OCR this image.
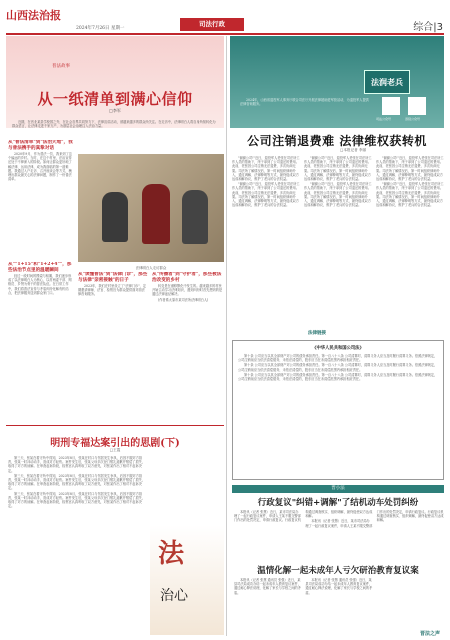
山西法治报
2024年7月26日 星期一
司法行政	综合|3
普法故事
从一纸清单到满心信仰
□李军

近期，在晋北某县学校园之外，在社会各界共同努力下，法律宣讲活动，被越来越多的群众所关注。在走访中，法律明白人将自身所知转化为群众语言，让法律走进千家万户，为基层社会治理注入法治力量。

从"普法清单"到"法治天地"，我与普法携手的真挚对话

2020年9月，作为普法一员，我来到了这个偏远的乡村。当时，在这个村里，法治宣传还处于不够深入的阶段。如何让群众更好地了解法律、运用法律，成为我面临的第一道难题。我通过入户走访、召开座谈会等方式，梳理出群众最关心的法律问题，制作了一份普法清单。

法律明白人走访群众
从""1+15"和"1+2+4""，那些法治节点里的温暖瞬间

经过一段时间的摸索与积累，我们逐步形成了以法律明白人为核心，以村两委干部、网格员、乡贤为骨干的普法队伍。在日常工作中，我们将普法宣传与矛盾纠纷化解有机结合，把法律服务送到群众家门口。

从"读懂普法"到"法律门诊"，那些与法律"亲密接触"的日子

2023年，我们在村里设立了"法律门诊"，定期邀请律师、法官、检察官为群众提供面对面法律咨询服务。

从"传播者"到"守护者"，那些被法治改变的乡村

转变是在潜移默化中发生的。越来越多的村民开始主动学习法律知识，遇到纠纷时首先想到的是通过法律途径解决。

(作者系太原市某司法所法律明白人)

明刑专福达案引出的思剧(下)
□王霞

第三天，张某在看守所中得知，2023年8月，张某在村口与邻居发生争执，后因不服对方指责，张某一时冲动动手，造成对方轻伤。案件发生后，张某父母多次登门赔礼道歉并赔偿了损失，取得了对方的谅解。在审查起诉阶段，检察官认真听取了双方意见，对张某作出了相对不起诉决定。

第三天，张某在看守所中得知，2023年8月，张某在村口与邻居发生争执，后因不服对方指责，张某一时冲动动手，造成对方轻伤。案件发生后，张某父母多次登门赔礼道歉并赔偿了损失，取得了对方的谅解。在审查起诉阶段，检察官认真听取了双方意见，对张某作出了相对不起诉决定。

第三天，张某在看守所中得知，2023年8月，张某在村口与邻居发生争执，后因不服对方指责，张某一时冲动动手，造成对方轻伤。案件发生后，张某父母多次登门赔礼道歉并赔偿了损失，取得了对方的谅解。在审查起诉阶段，检察官认真听取了双方意见，对张某作出了相对不起诉决定。

法
治心
法润老兵

2024年，山西省退役军人事务厅联合司法厅开展法律援助进军营活动，为退役军人提供法律咨询服务。

司法公众号	退役公众号
公司注销退费难 法律维权获转机
□本报记者 李丽

"谢谢公司!"近日，退役军人老张在司法所工作人员的帮助下，终于拿到了公司退还的费用。此前，老张因公司注销无法退费，多次协商无果。司法所了解情况后，第一时间组织律师介入，通过调解、法律释明等方式，最终促成双方达成和解协议，维护了老兵的合法权益。

"谢谢公司!"近日，退役军人老张在司法所工作人员的帮助下，终于拿到了公司退还的费用。此前，老张因公司注销无法退费，多次协商无果。司法所了解情况后，第一时间组织律师介入，通过调解、法律释明等方式，最终促成双方达成和解协议，维护了老兵的合法权益。

"谢谢公司!"近日，退役军人老张在司法所工作人员的帮助下，终于拿到了公司退还的费用。此前，老张因公司注销无法退费，多次协商无果。司法所了解情况后，第一时间组织律师介入，通过调解、法律释明等方式，最终促成双方达成和解协议，维护了老兵的合法权益。

"谢谢公司!"近日，退役军人老张在司法所工作人员的帮助下，终于拿到了公司退还的费用。此前，老张因公司注销无法退费，多次协商无果。司法所了解情况后，第一时间组织律师介入，通过调解、法律释明等方式，最终促成双方达成和解协议，维护了老兵的合法权益。

"谢谢公司!"近日，退役军人老张在司法所工作人员的帮助下，终于拿到了公司退还的费用。此前，老张因公司注销无法退费，多次协商无果。司法所了解情况后，第一时间组织律师介入，通过调解、法律释明等方式，最终促成双方达成和解协议，维护了老兵的合法权益。

"谢谢公司!"近日，退役军人老张在司法所工作人员的帮助下，终于拿到了公司退还的费用。此前，老张因公司注销无法退费，多次协商无果。司法所了解情况后，第一时间组织律师介入，通过调解、法律释明等方式，最终促成双方达成和解协议，维护了老兵的合法权益。

法律链接
《中华人民共和国公司法》

第十条 公司应当以其全部财产对公司的债务承担责任。第一百八十八条 公司清算时，清算义务人应当及时履行清算义务。依照法律规定，公司注销前应当依法清偿债务，未依法清偿的，股东应当在未清偿范围内承担相应责任。

第十条 公司应当以其全部财产对公司的债务承担责任。第一百八十八条 公司清算时，清算义务人应当及时履行清算义务。依照法律规定，公司注销前应当依法清偿债务，未依法清偿的，股东应当在未清偿范围内承担相应责任。

第十条 公司应当以其全部财产对公司的债务承担责任。第一百八十八条 公司清算时，清算义务人应当及时履行清算义务。依照法律规定，公司注销前应当依法清偿债务，未依法清偿的，股东应当在未清偿范围内承担相应责任。

晋小法
行政复议"纠错+调解"了结机动车处罚纠纷

本报讯（记者 张慧）近日，某市司法局办理了一起行政复议案件，申请人王某不服交警部门作出的处罚决定，申请行政复议。行政复议机构通过调查核实、组织调解，最终促使双方达成和解。

本报讯（记者 张慧）近日，某市司法局办理了一起行政复议案件，申请人王某不服交警部门作出的处罚决定，申请行政复议。行政复议机构通过调查核实、组织调解，最终促使双方达成和解。

温情化解一起未成年人亏欠研治教育复议案

本报讯（记者 张慧 通讯员 张强）近日，某县司法局成功办结一起未成年人教育复议案件，通过耐心释法说理，化解了家长与学校之间的矛盾。

本报讯（记者 张慧 通讯员 张强）近日，某县司法局成功办结一起未成年人教育复议案件，通过耐心释法说理，化解了家长与学校之间的矛盾。

晋法之声
